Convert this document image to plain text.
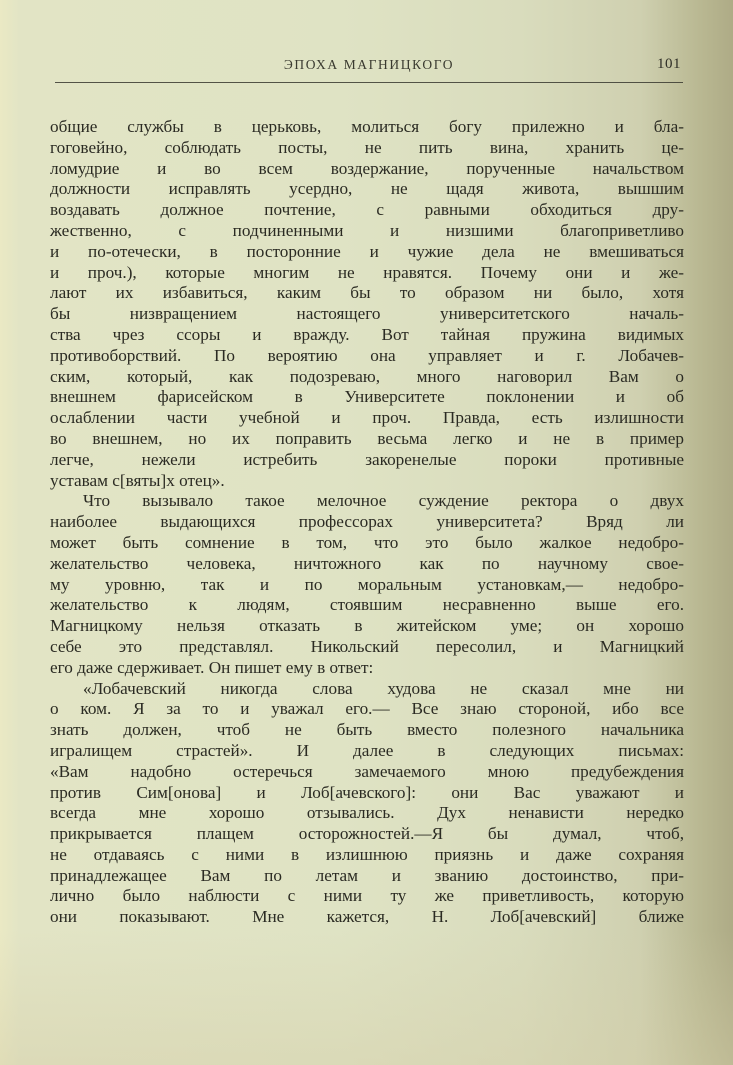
ЭПОХА МАГНИЦКОГО	101
общие службы в церьковь, молиться богу прилежно и бла-
гоговейно, соблюдать посты, не пить вина, хранить це-
ломудрие и во всем воздержание, порученные начальством
должности исправлять усердно, не щадя живота, вышшим
воздавать должное почтение, с равными обходиться дру-
жественно, с подчиненными и низшими благоприветливо
и по-отечески, в посторонние и чужие дела не вмешиваться
и проч.), которые многим не нравятся. Почему они и же-
лают их избавиться, каким бы то образом ни было, хотя
бы низвращением настоящего университетского началь-
ства чрез ссоры и вражду. Вот тайная пружина видимых
противоборствий. По вероятию она управляет и г. Лобачев-
ским, который, как подозреваю, много наговорил Вам о
внешнем фарисейском в Университете поклонении и об
ослаблении части учебной и проч. Правда, есть излишности
во внешнем, но их поправить весьма легко и не в пример
легче, нежели истребить закоренелые пороки противные
уставам с[вяты]х отец».
Что вызывало такое мелочное суждение ректора о двух
наиболее выдающихся профессорах университета? Вряд ли
может быть сомнение в том, что это было жалкое недобро-
желательство человека, ничтожного как по научному свое-
му уровню, так и по моральным установкам,— недобро-
желательство к людям, стоявшим несравненно выше его.
Магницкому нельзя отказать в житейском уме; он хорошо
себе это представлял. Никольский пересолил, и Магницкий
его даже сдерживает. Он пишет ему в ответ:
«Лобачевский никогда слова худова не сказал мне ни
о ком. Я за то и уважал его.— Все знаю стороной, ибо все
знать должен, чтоб не быть вместо полезного начальника
игралищем страстей». И далее в следующих письмах:
«Вам надобно остеречься замечаемого мною предубеждения
против Сим[онова] и Лоб[ачевского]: они Вас уважают и
всегда мне хорошо отзывались. Дух ненависти нередко
прикрывается плащем осторожностей.—Я бы думал, чтоб,
не отдаваясь с ними в излишнюю приязнь и даже сохраняя
принадлежащее Вам по летам и званию достоинство, при-
лично было наблюсти с ними ту же приветливость, которую
они показывают. Мне кажется, Н. Лоб[ачевский] ближе
